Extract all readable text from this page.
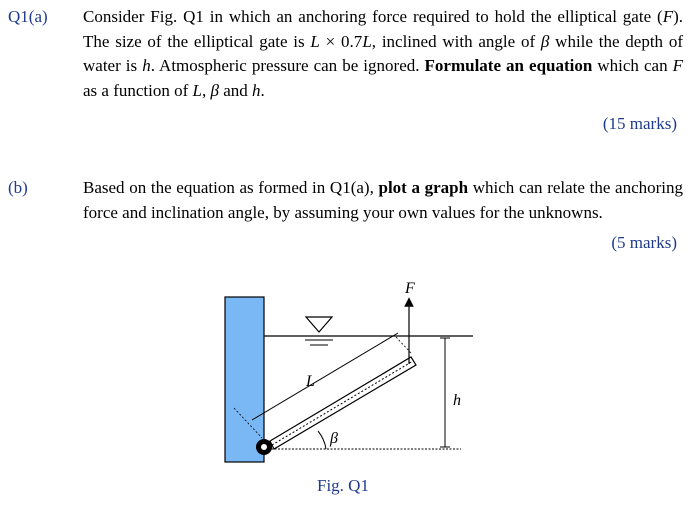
Q1(a) Consider Fig. Q1 in which an anchoring force required to hold the elliptical gate (F). The size of the elliptical gate is L × 0.7L, inclined with angle of β while the depth of water is h. Atmospheric pressure can be ignored. Formulate an equation which can F as a function of L, β and h.
(15 marks)
(b)	Based on the equation as formed in Q1(a), plot a graph which can relate the anchoring force and inclination angle, by assuming your own values for the unknowns.
(5 marks)
F
L
h
β
Fig. Q1
